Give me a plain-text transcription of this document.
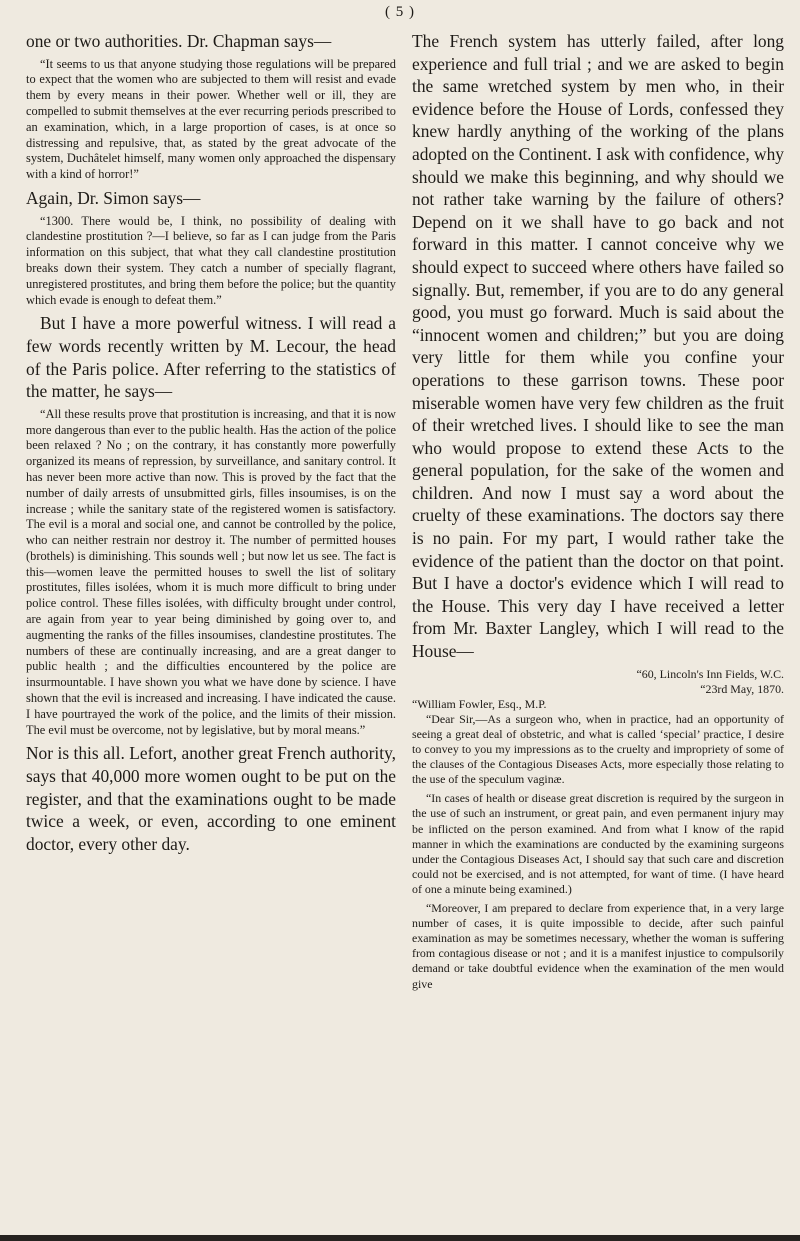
( 5 )

one or two authorities. Dr. Chapman says—

“It seems to us that anyone studying those regulations will be prepared to expect that the women who are subjected to them will resist and evade them by every means in their power. Whether well or ill, they are compelled to submit themselves at the ever recurring periods prescribed to an examination, which, in a large proportion of cases, is at once so distressing and repulsive, that, as stated by the great advocate of the system, Duchâtelet himself, many women only approached the dispensary with a kind of horror!”

Again, Dr. Simon says—

“1300. There would be, I think, no possibility of dealing with clandestine prostitution ?—I believe, so far as I can judge from the Paris information on this subject, that what they call clandestine prostitution breaks down their system. They catch a number of specially flagrant, unregistered prostitutes, and bring them before the police; but the quantity which evade is enough to defeat them.”

But I have a more powerful witness. I will read a few words recently written by M. Lecour, the head of the Paris police. After referring to the statistics of the matter, he says—

“All these results prove that prostitution is increasing, and that it is now more dangerous than ever to the public health. Has the action of the police been relaxed ? No ; on the contrary, it has constantly more powerfully organized its means of repression, by surveillance, and sanitary control. It has never been more active than now. This is proved by the fact that the number of daily arrests of unsubmitted girls, filles insoumises, is on the increase ; while the sanitary state of the registered women is satisfactory. The evil is a moral and social one, and cannot be controlled by the police, who can neither restrain nor destroy it. The number of permitted houses (brothels) is diminishing. This sounds well ; but now let us see. The fact is this—women leave the permitted houses to swell the list of solitary prostitutes, filles isolées, whom it is much more difficult to bring under police control. These filles isolées, with difficulty brought under control, are again from year to year being diminished by going over to, and augmenting the ranks of the filles insoumises, clandestine prostitutes. The numbers of these are continually increasing, and are a great danger to public health ; and the difficulties encountered by the police are insurmountable. I have shown you what we have done by science. I have shown that the evil is increased and increasing. I have indicated the cause. I have pourtrayed the work of the police, and the limits of their mission. The evil must be overcome, not by legislative, but by moral means.”

Nor is this all. Lefort, another great French authority, says that 40,000 more women ought to be put on the register, and that the examinations ought to be made twice a week, or even, according to one eminent doctor, every other day.

The French system has utterly failed, after long experience and full trial ; and we are asked to begin the same wretched system by men who, in their evidence before the House of Lords, confessed they knew hardly anything of the working of the plans adopted on the Continent. I ask with confidence, why should we make this beginning, and why should we not rather take warning by the failure of others? Depend on it we shall have to go back and not forward in this matter. I cannot conceive why we should expect to succeed where others have failed so signally. But, remember, if you are to do any general good, you must go forward. Much is said about the “innocent women and children;” but you are doing very little for them while you confine your operations to these garrison towns. These poor miserable women have very few children as the fruit of their wretched lives. I should like to see the man who would propose to extend these Acts to the general population, for the sake of the women and children. And now I must say a word about the cruelty of these examinations. The doctors say there is no pain. For my part, I would rather take the evidence of the patient than the doctor on that point. But I have a doctor's evidence which I will read to the House. This very day I have received a letter from Mr. Baxter Langley, which I will read to the House—

“60, Lincoln's Inn Fields, W.C.

“23rd May, 1870.

“William Fowler, Esq., M.P.

“Dear Sir,—As a surgeon who, when in practice, had an opportunity of seeing a great deal of obstetric, and what is called ‘special’ practice, I desire to convey to you my impressions as to the cruelty and impropriety of some of the clauses of the Contagious Diseases Acts, more especially those relating to the use of the speculum vaginæ.

“In cases of health or disease great discretion is required by the surgeon in the use of such an instrument, or great pain, and even permanent injury may be inflicted on the person examined. And from what I know of the rapid manner in which the examinations are conducted by the examining surgeons under the Contagious Diseases Act, I should say that such care and discretion could not be exercised, and is not attempted, for want of time. (I have heard of one a minute being examined.)

“Moreover, I am prepared to declare from experience that, in a very large number of cases, it is quite impossible to decide, after such painful examination as may be sometimes necessary, whether the woman is suffering from contagious disease or not ; and it is a manifest injustice to compulsorily demand or take doubtful evidence when the examination of the men would give
